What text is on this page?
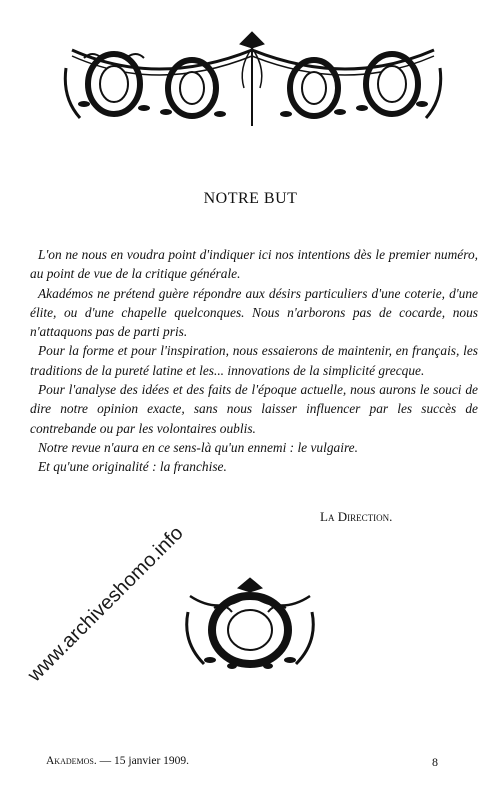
NOTRE BUT

L'on ne nous en voudra point d'indiquer ici nos intentions dès le premier numéro, au point de vue de la critique générale.

Akadémos ne prétend guère répondre aux désirs particuliers d'une coterie, d'une élite, ou d'une chapelle quelconques. Nous n'arborons pas de cocarde, nous n'attaquons pas de parti pris.

Pour la forme et pour l'inspiration, nous essaierons de maintenir, en français, les traditions de la pureté latine et les... innovations de la simplicité grecque.

Pour l'analyse des idées et des faits de l'époque actuelle, nous aurons le souci de dire notre opinion exacte, sans nous laisser influencer par les succès de contrebande ou par les volontaires oublis.

Notre revue n'aura en ce sens-là qu'un ennemi : le vulgaire.

Et qu'une originalité : la franchise.

La Direction.
www.archiveshomo.info
Akademos. — 15 janvier 1909.	8
